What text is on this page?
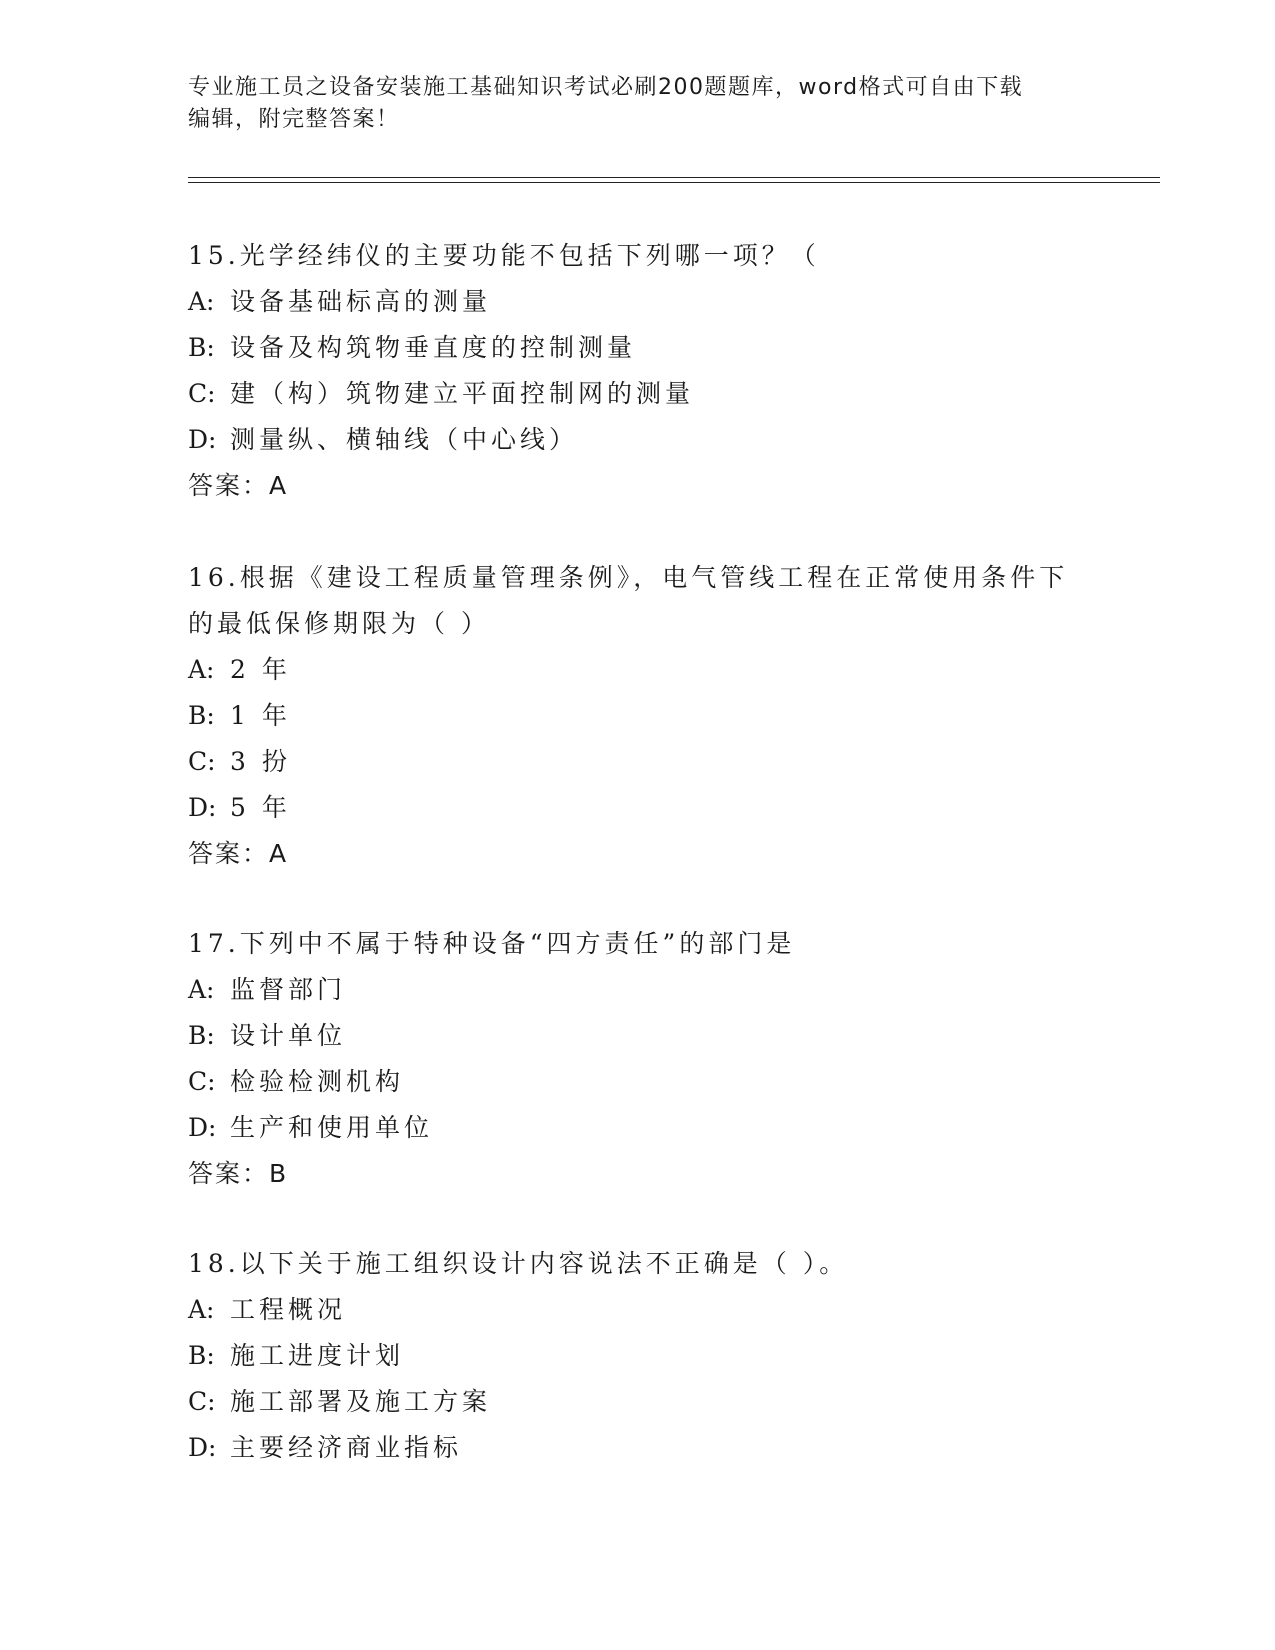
专业施工员之设备安装施工基础知识考试必刷200题题库，word格式可自由下载
编辑，附完整答案！

15.光学经纬仪的主要功能不包括下列哪一项？（

A: 设备基础标高的测量

B: 设备及构筑物垂直度的控制测量

C: 建（构）筑物建立平面控制网的测量

D: 测量纵、横轴线（中心线）

答案：A

16.根据《建设工程质量管理条例》，电气管线工程在正常使用条件下

的最低保修期限为（ ）

A: 2 年

B: 1 年

C: 3 扮

D: 5 年

答案：A

17.下列中不属于特种设备“四方责任”的部门是

A: 监督部门

B: 设计单位

C: 检验检测机构

D: 生产和使用单位

答案：B

18.以下关于施工组织设计内容说法不正确是（ ）。

A: 工程概况

B: 施工进度计划

C: 施工部署及施工方案

D: 主要经济商业指标
